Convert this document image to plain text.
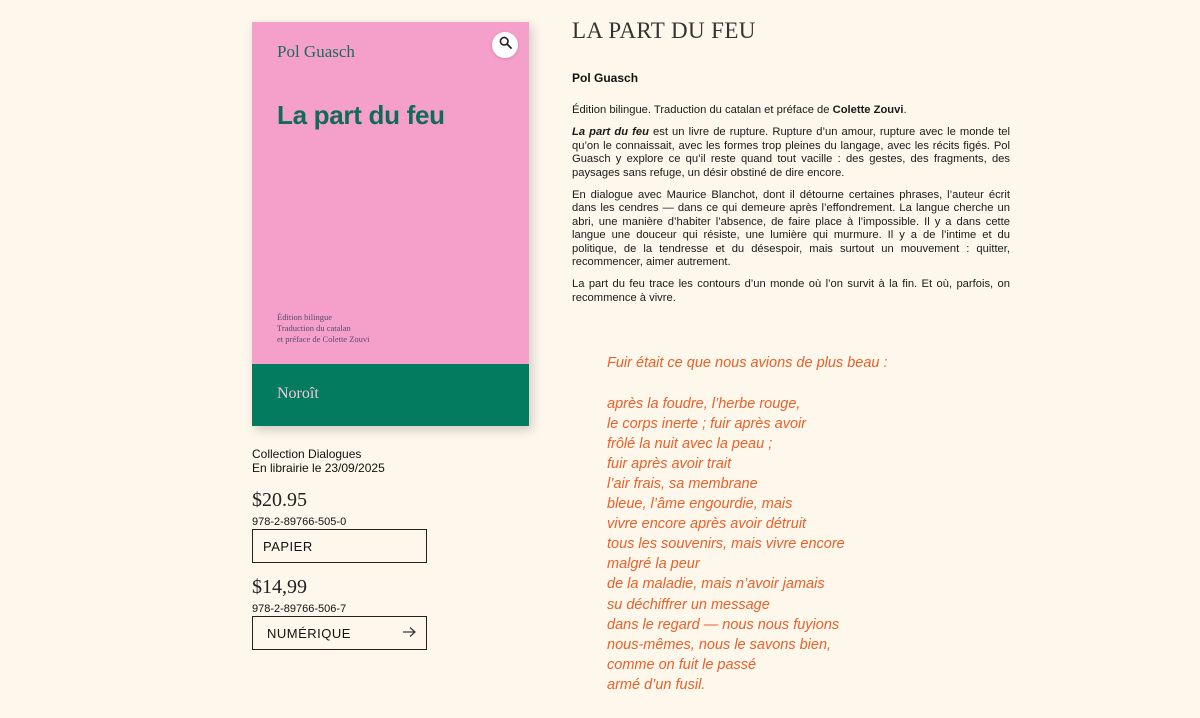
Pol Guasch
La part du feu
Édition bilingue
Traduction du catalan
et préface de Colette Zouvi
Noroît
Collection Dialogues
En librairie le 23/09/2025
$20.95
978-2-89766-505-0
PAPIER
$14,99
978-2-89766-506-7
NUMÉRIQUE
LA PART DU FEU
Pol Guasch

Édition bilingue. Traduction du catalan et préface de Colette Zouvi.

La part du feu est un livre de rupture. Rupture d’un amour, rupture avec le monde tel qu’on le connaissait, avec les formes trop pleines du langage, avec les récits figés. Pol Guasch y explore ce qu’il reste quand tout vacille : des gestes, des fragments, des paysages sans refuge, un désir obstiné de dire encore.

En dialogue avec Maurice Blanchot, dont il détourne certaines phrases, l’auteur écrit dans les cendres — dans ce qui demeure après l’effondrement. La langue cherche un abri, une manière d’habiter l’absence, de faire place à l’impossible. Il y a dans cette langue une douceur qui résiste, une lumière qui murmure. Il y a de l’intime et du politique, de la tendresse et du désespoir, mais surtout un mouvement : quitter, recommencer, aimer autrement.

La part du feu trace les contours d’un monde où l’on survit à la fin. Et où, parfois, on recommence à vivre.

Fuir était ce que nous avions de plus beau :
après la foudre, l’herbe rouge,
le corps inerte ; fuir après avoir
frôlé la nuit avec la peau ;
fuir après avoir trait
l’air frais, sa membrane
bleue, l’âme engourdie, mais
vivre encore après avoir détruit
tous les souvenirs, mais vivre encore
malgré la peur
de la maladie, mais n’avoir jamais
su déchiffrer un message
dans le regard — nous nous fuyions
nous-mêmes, nous le savons bien,
comme on fuit le passé
armé d’un fusil.
